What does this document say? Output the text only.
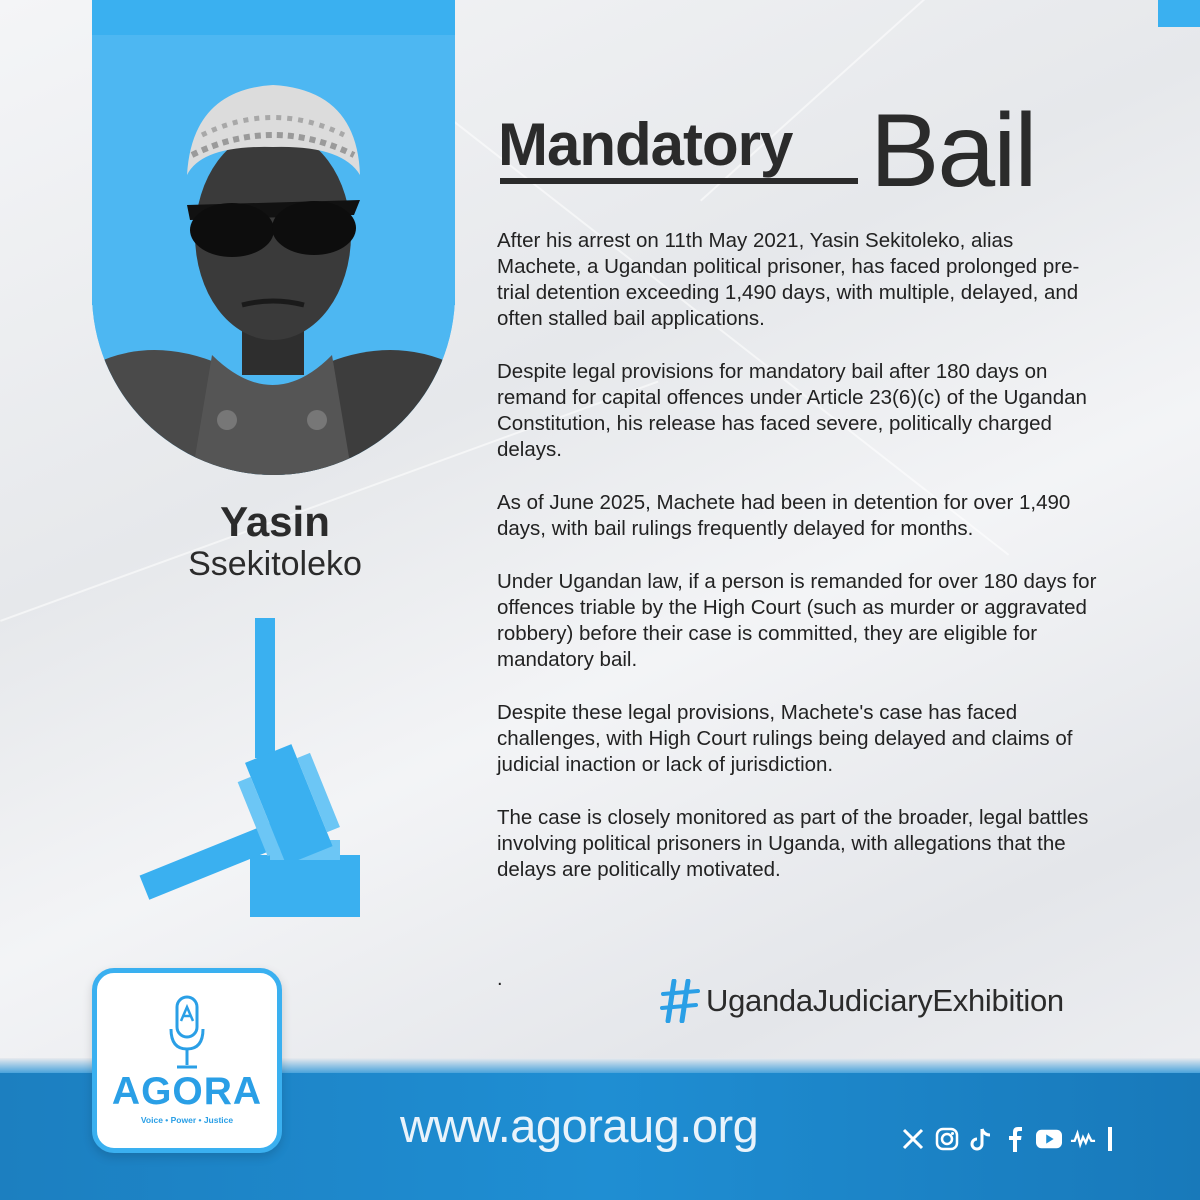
Yasin
Ssekitoleko
Mandatory Bail

After his arrest on 11th May 2021, Yasin Sekitoleko, alias Machete, a Ugandan political prisoner, has faced prolonged pre-trial detention exceeding 1,490 days, with multiple, delayed, and often stalled bail applications.

Despite legal provisions for mandatory bail after 180 days on remand for capital offences under Article 23(6)(c) of the Ugandan Constitution, his release has faced severe, politically charged delays.

As of June 2025, Machete had been in detention for over 1,490 days, with bail rulings frequently delayed for months.

Under Ugandan law, if a person is remanded for over 180 days for offences triable by the High Court (such as murder or aggravated robbery) before their case is committed, they are eligible for mandatory bail.

Despite these legal provisions, Machete's case has faced challenges, with High Court rulings being delayed and claims of judicial inaction or lack of jurisdiction.

The case is closely monitored as part of the broader, legal battles involving political prisoners in Uganda, with allegations that the delays are politically motivated.

.
UgandaJudiciaryExhibition
www.agoraug.org
AGORA
Voice • Power • Justice
